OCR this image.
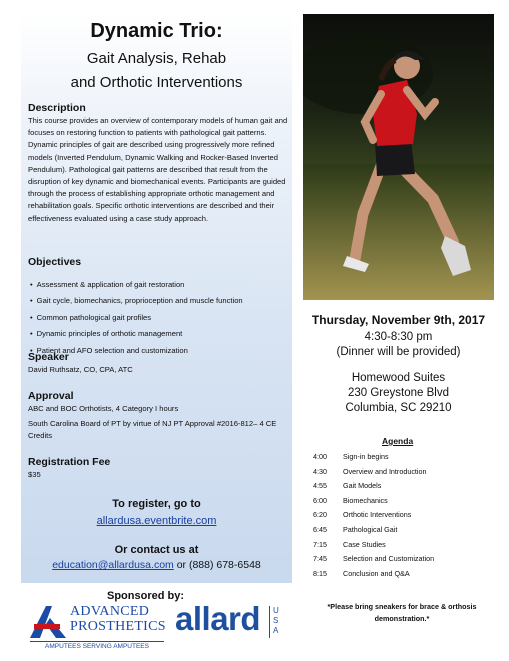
Dynamic Trio:
Gait Analysis, Rehab
and Orthotic Interventions
Description
This course provides an overview of contemporary models of human gait and focuses on restoring function to patients with pathological gait patterns. Dynamic principles of gait are described using progressively more refined models (Inverted Pendulum, Dynamic Walking and Rocker-Based Inverted Pendulum). Pathological gait patterns are described that result from the disruption of key dynamic and biomechanical events. Participants are guided through the process of establishing appropriate orthotic management and rehabilitation goals. Specific orthotic interventions are described and their effectiveness evaluated using a case study approach.
Objectives
• Assessment & application of gait restoration
• Gait cycle, biomechanics, proprioception and muscle function
• Common pathological gait profiles
• Dynamic principles of orthotic management
• Patient and AFO selection and customization
Speaker
David Ruthsatz, CO, CPA, ATC
Approval
ABC and BOC Orthotists, 4 Category I hours
South Carolina Board of PT by virtue of NJ PT Approval #2016-812– 4 CE Credits
Registration Fee
$35
To register, go to
allardusa.eventbrite.com
Or contact us at
education@allardusa.com or (888) 678-6548
Thursday, November 9th, 2017
4:30-8:30 pm
(Dinner will be provided)
Homewood Suites
230 Greystone Blvd
Columbia, SC 29210
Agenda
4:00 Sign-in begins
4:30 Overview and Introduction
4:55 Gait Models
6:00 Biomechanics
6:20 Orthotic Interventions
6:45 Pathological Gait
7:15 Case Studies
7:45 Selection and Customization
8:15 Conclusion and Q&A
*Please bring sneakers for brace & orthosis demonstration.*
Sponsored by:
ADVANCED
PROSTHETICS
AMPUTEES SERVING AMPUTEES
allard USA
